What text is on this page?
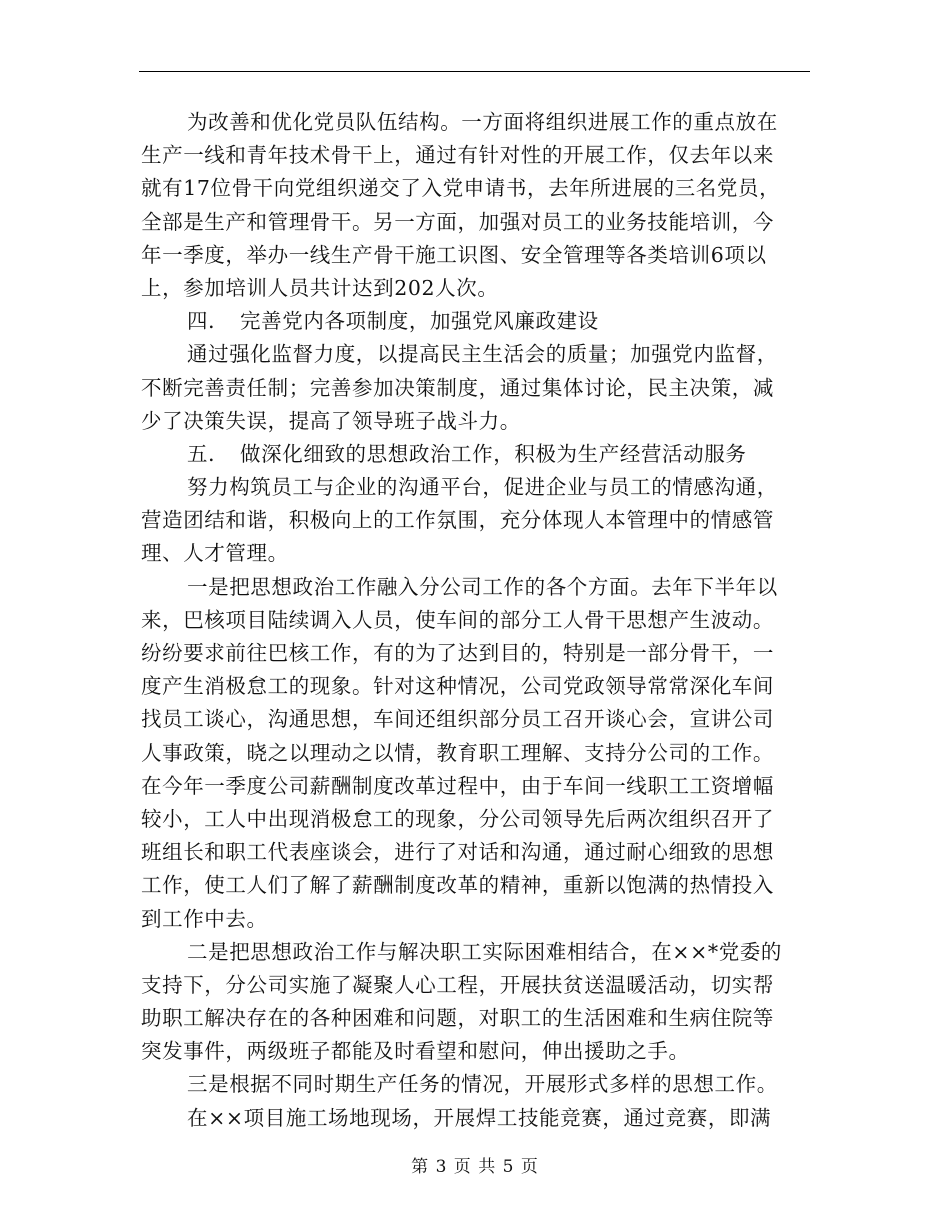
为改善和优化党员队伍结构。一方面将组织进展工作的重点放在
生产一线和青年技术骨干上，通过有针对性的开展工作，仅去年以来
就有17位骨干向党组织递交了入党申请书，去年所进展的三名党员，
全部是生产和管理骨干。另一方面，加强对员工的业务技能培训，今
年一季度，举办一线生产骨干施工识图、安全管理等各类培训6项以
上，参加培训人员共计达到202人次。
四．　完善党内各项制度，加强党风廉政建设
通过强化监督力度，以提高民主生活会的质量；加强党内监督，
不断完善责任制；完善参加决策制度，通过集体讨论，民主决策，减
少了决策失误，提高了领导班子战斗力。
五．　做深化细致的思想政治工作，积极为生产经营活动服务
努力构筑员工与企业的沟通平台，促进企业与员工的情感沟通，
营造团结和谐，积极向上的工作氛围，充分体现人本管理中的情感管
理、人才管理。
一是把思想政治工作融入分公司工作的各个方面。去年下半年以
来，巴核项目陆续调入人员，使车间的部分工人骨干思想产生波动。
纷纷要求前往巴核工作，有的为了达到目的，特别是一部分骨干，一
度产生消极怠工的现象。针对这种情况，公司党政领导常常深化车间
找员工谈心，沟通思想，车间还组织部分员工召开谈心会，宣讲公司
人事政策，晓之以理动之以情，教育职工理解、支持分公司的工作。
在今年一季度公司薪酬制度改革过程中，由于车间一线职工工资增幅
较小，工人中出现消极怠工的现象，分公司领导先后两次组织召开了
班组长和职工代表座谈会，进行了对话和沟通，通过耐心细致的思想
工作，使工人们了解了薪酬制度改革的精神，重新以饱满的热情投入
到工作中去。
二是把思想政治工作与解决职工实际困难相结合，在××*党委的
支持下，分公司实施了凝聚人心工程，开展扶贫送温暖活动，切实帮
助职工解决存在的各种困难和问题，对职工的生活困难和生病住院等
突发事件，两级班子都能及时看望和慰问，伸出援助之手。
三是根据不同时期生产任务的情况，开展形式多样的思想工作。
在××项目施工场地现场，开展焊工技能竞赛，通过竞赛，即满
第 3 页 共 5 页
